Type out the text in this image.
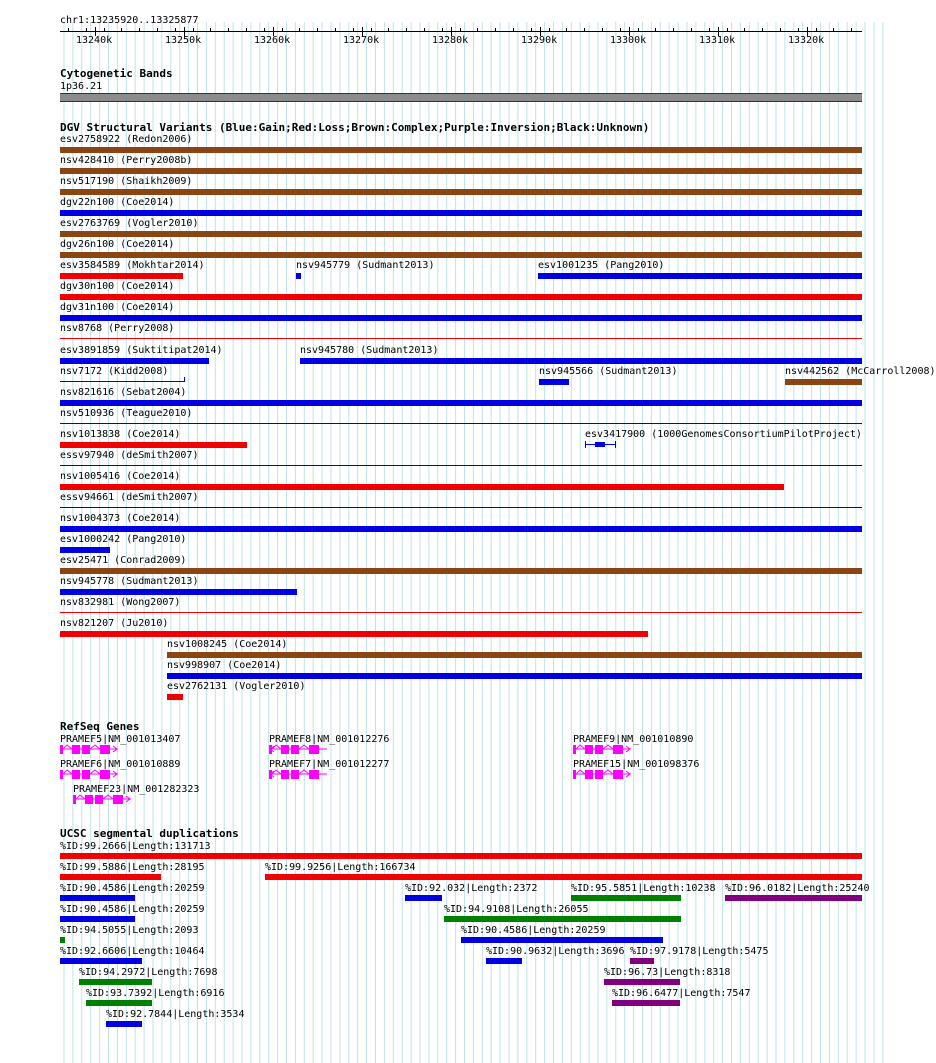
chr1:13235920..13325877
13240k	13250k	13260k	13270k	13280k	13290k	13300k	13310k	13320k
Cytogenetic Bands
1p36.21
DGV Structural Variants (Blue:Gain;Red:Loss;Brown:Complex;Purple:Inversion;Black:Unknown)
esv2758922 (Redon2006)
nsv428410 (Perry2008b)
nsv517190 (Shaikh2009)
dgv22n100 (Coe2014)
esv2763769 (Vogler2010)
dgv26n100 (Coe2014)
esv3584589 (Mokhtar2014)	nsv945779 (Sudmant2013)	esv1001235 (Pang2010)
dgv30n100 (Coe2014)
dgv31n100 (Coe2014)
nsv8768 (Perry2008)
esv3891859 (Suktitipat2014)	nsv945780 (Sudmant2013)
nsv7172 (Kidd2008)	nsv945566 (Sudmant2013)	nsv442562 (McCarroll2008)
nsv821616 (Sebat2004)
nsv510936 (Teague2010)
nsv1013838 (Coe2014)	esv3417900 (1000GenomesConsortiumPilotProject)
essv97940 (deSmith2007)
nsv1005416 (Coe2014)
essv94661 (deSmith2007)
nsv1004373 (Coe2014)
esv1000242 (Pang2010)
esv25471 (Conrad2009)
nsv945778 (Sudmant2013)
nsv832981 (Wong2007)
nsv821207 (Ju2010)
nsv1008245 (Coe2014)
nsv998907 (Coe2014)
esv2762131 (Vogler2010)
RefSeq Genes
PRAMEF5|NM_001013407	PRAMEF8|NM_001012276	PRAMEF9|NM_001010890
PRAMEF6|NM_001010889	PRAMEF7|NM_001012277	PRAMEF15|NM_001098376
PRAMEF23|NM_001282323
UCSC segmental duplications
%ID:99.2666|Length:131713
%ID:99.5886|Length:28195	%ID:99.9256|Length:166734
%ID:90.4586|Length:20259	%ID:92.032|Length:2372	%ID:95.5851|Length:10238 %ID:96.0182|Length:25240
%ID:90.4586|Length:20259	%ID:94.9108|Length:26055
%ID:94.5055|Length:2093	%ID:90.4586|Length:20259
%ID:92.6606|Length:10464	%ID:90.9632|Length:3696 %ID:97.9178|Length:5475
%ID:94.2972|Length:7698	%ID:96.73|Length:8318
%ID:93.7392|Length:6916	%ID:96.6477|Length:7547
%ID:92.7844|Length:3534
